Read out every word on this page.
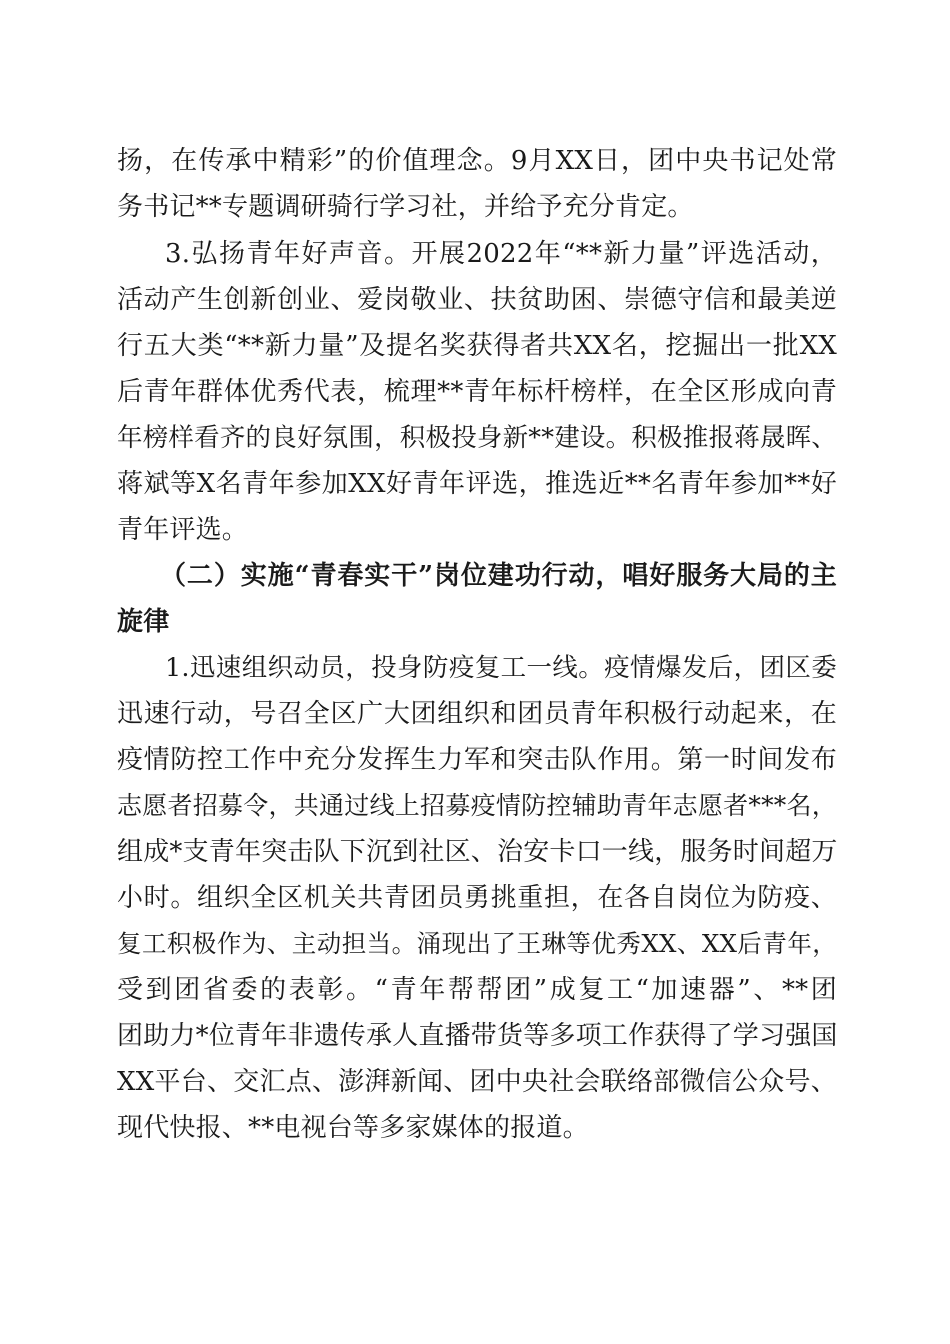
扬，在传承中精彩”的价值理念。9月XX日，团中央书记处常
务书记**专题调研骑行学习社，并给予充分肯定。
3.弘扬青年好声音。开展2022年“**新力量”评选活动，
活动产生创新创业、爱岗敬业、扶贫助困、崇德守信和最美逆
行五大类“**新力量”及提名奖获得者共XX名，挖掘出一批XX
后青年群体优秀代表，梳理**青年标杆榜样，在全区形成向青
年榜样看齐的良好氛围，积极投身新**建设。积极推报蒋晟晖、
蒋斌等X名青年参加XX好青年评选，推选近**名青年参加**好
青年评选。
（二）实施“青春实干”岗位建功行动，唱好服务大局的主
旋律
1.迅速组织动员，投身防疫复工一线。疫情爆发后，团区委
迅速行动，号召全区广大团组织和团员青年积极行动起来，在
疫情防控工作中充分发挥生力军和突击队作用。第一时间发布
志愿者招募令，共通过线上招募疫情防控辅助青年志愿者***名，
组成*支青年突击队下沉到社区、治安卡口一线，服务时间超万
小时。组织全区机关共青团员勇挑重担，在各自岗位为防疫、
复工积极作为、主动担当。涌现出了王琳等优秀XX、XX后青年，
受到团省委的表彰。“青年帮帮团”成复工“加速器”、**团
团助力*位青年非遗传承人直播带货等多项工作获得了学习强国
XX平台、交汇点、澎湃新闻、团中央社会联络部微信公众号、
现代快报、**电视台等多家媒体的报道。
